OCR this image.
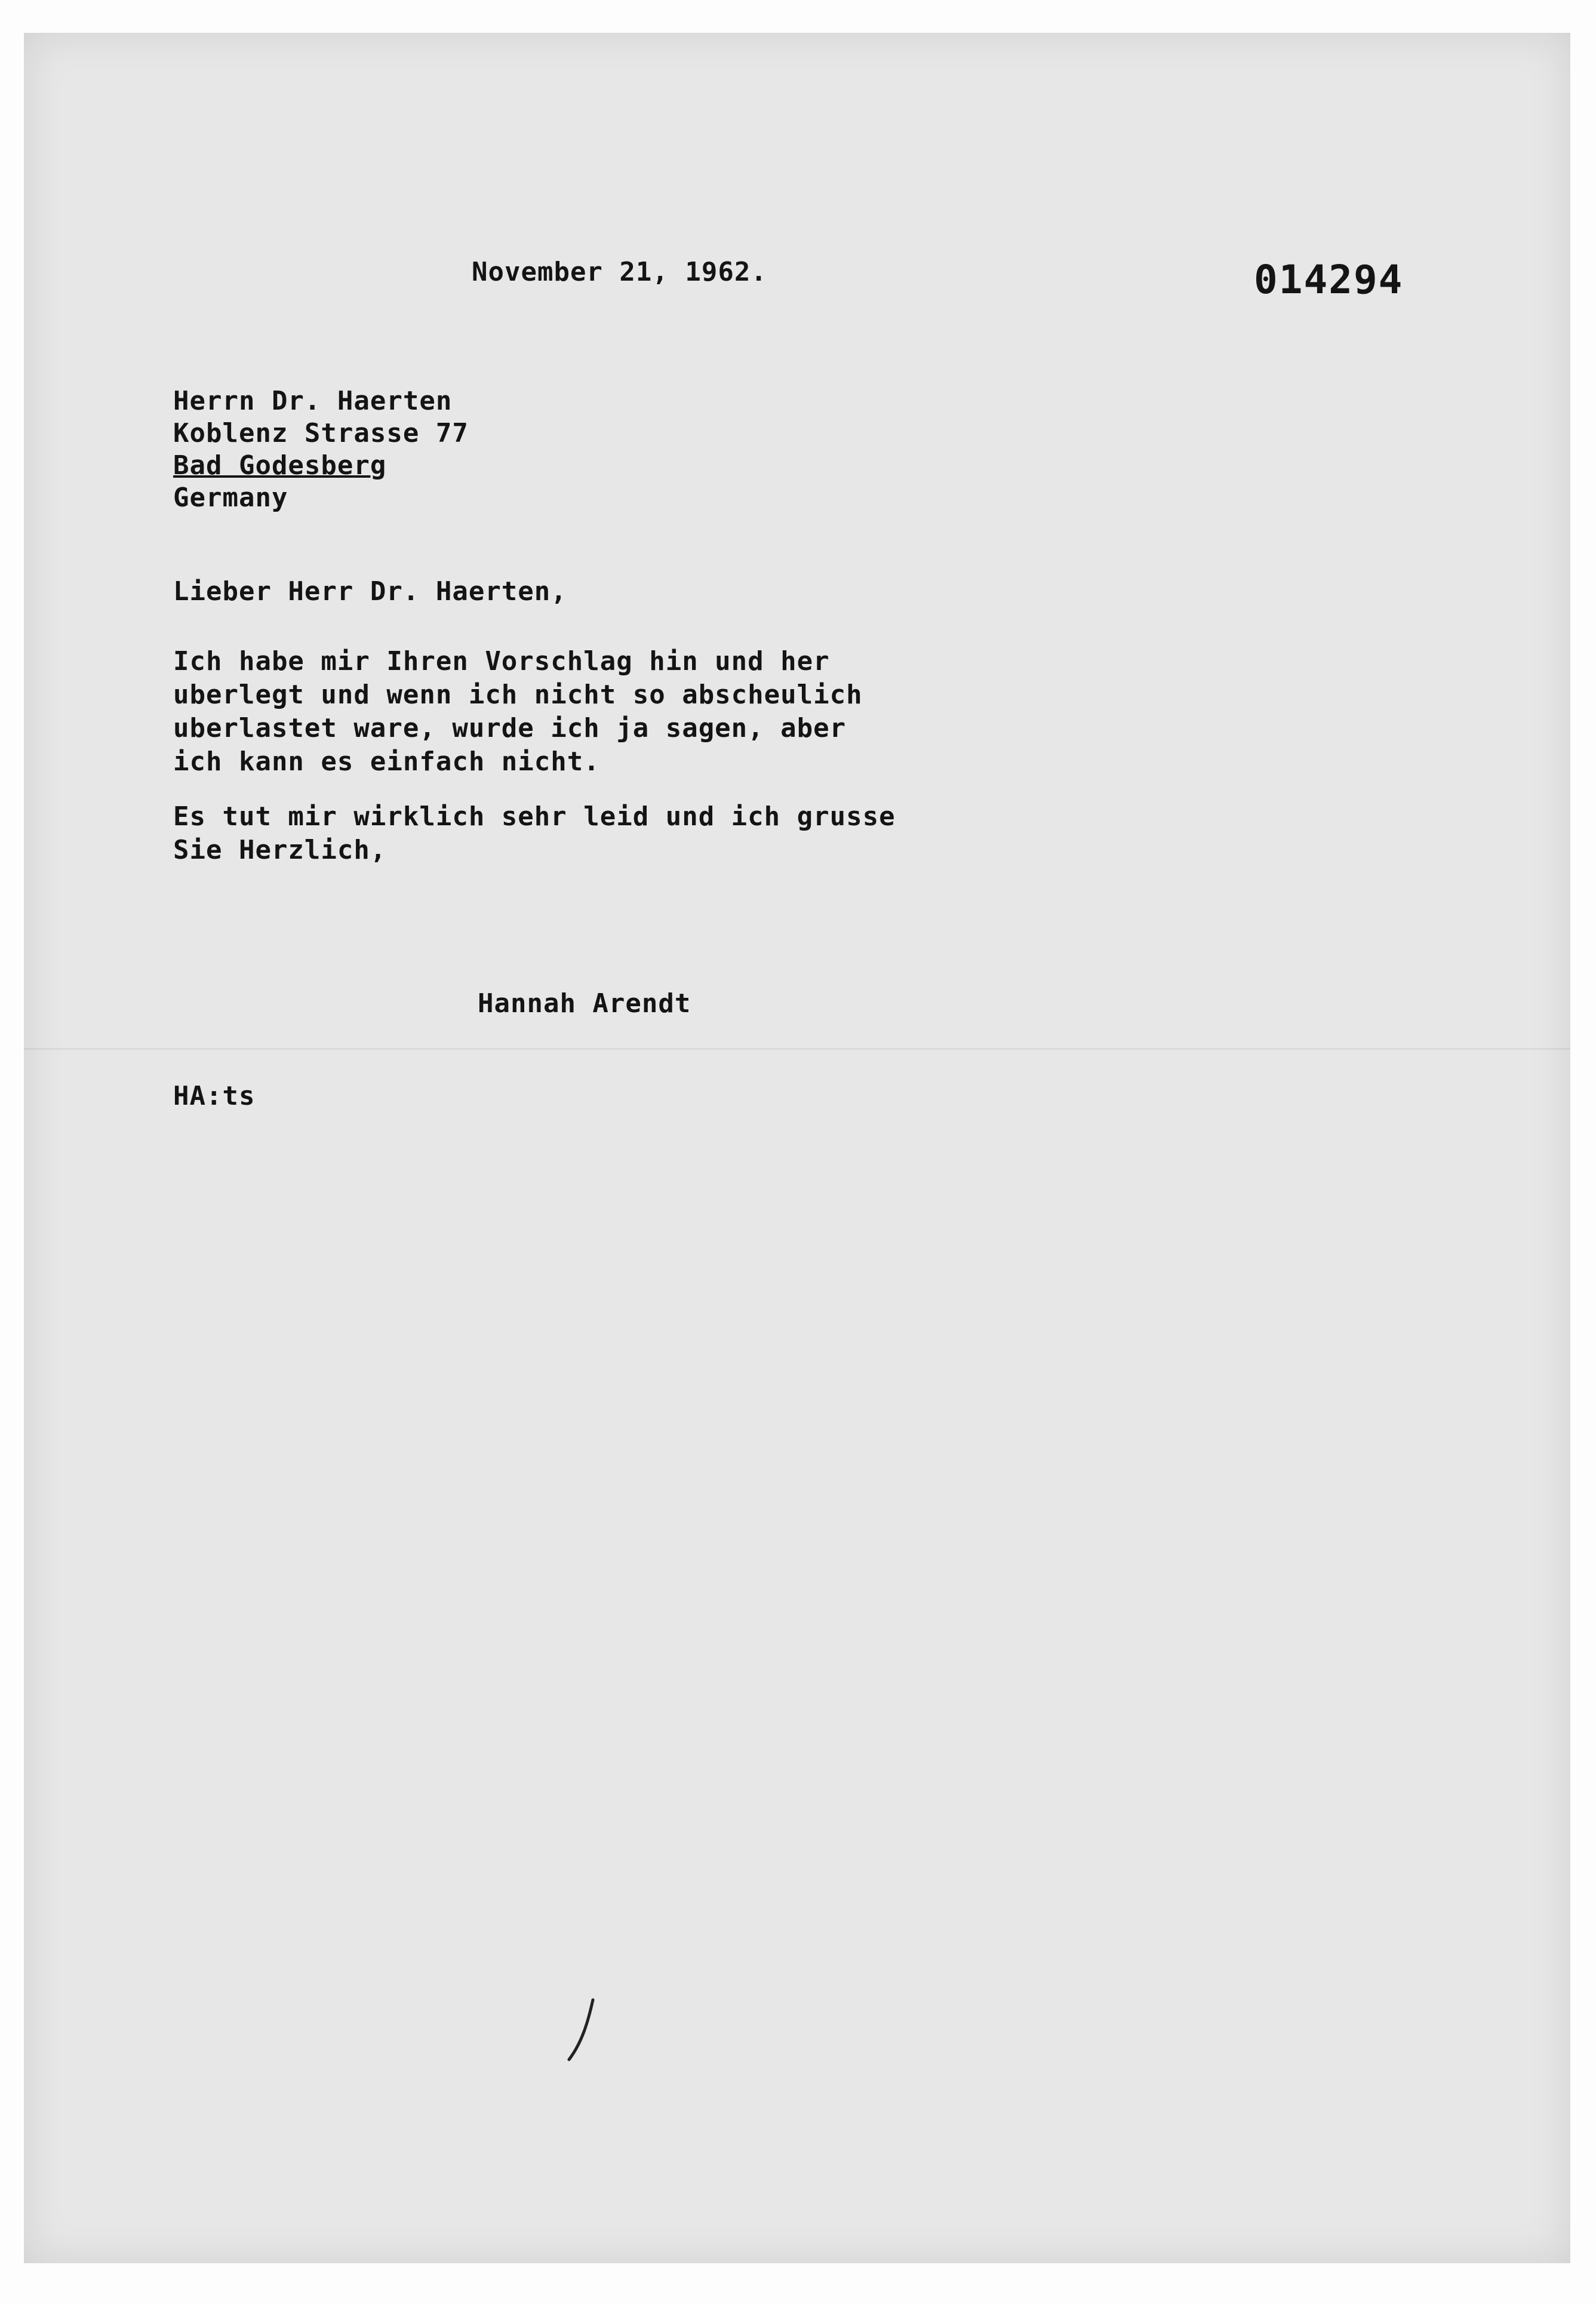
November 21, 1962.	014294
Herrn Dr. Haerten
Koblenz Strasse 77
Bad Godesberg
Germany
Lieber Herr Dr. Haerten,
Ich habe mir Ihren Vorschlag hin und her
uberlegt und wenn ich nicht so abscheulich
uberlastet ware, wurde ich ja sagen, aber
ich kann es einfach nicht.
Es tut mir wirklich sehr leid und ich grusse
Sie Herzlich,
Hannah Arendt
HA:ts
